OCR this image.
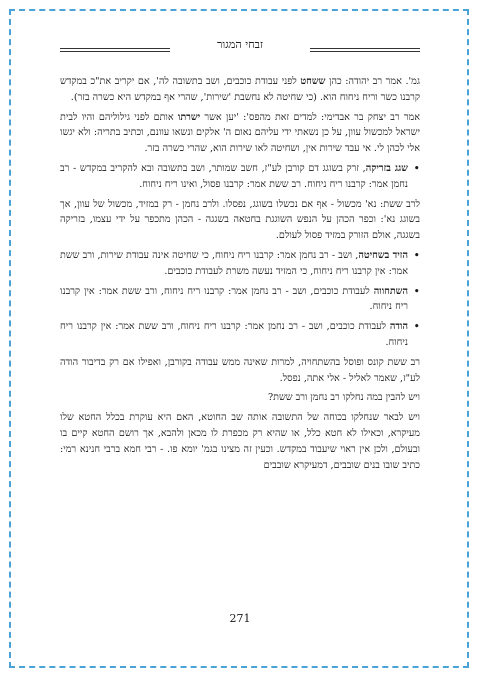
זבחי המגור

גמ'. אמר רב יהודה: כהן ששחט לפני עבודת כוכבים, ושב בתשובה לה', אם יקריב את"כ במקדש קרבנו כשר וריח ניחוח הוא. (כי שחיטה לא נחשבת 'שירות', שהרי אף במקדש היא כשרה בזר).

אמר רב יצחק בר אבדימי: למדים זאת מהפס': 'יען אשר ישרתו אותם לפני גילוליהם והיו לבית ישראל למכשול עוון, על כן נשאתי ידי עליהם נאום ה' אלקים ונשאו עוונם, וכתיב בתריה: ולא יגשו אלי לכהן לי. אי עבד שירות אין, ושחיטה לאו שירות הוא, שהרי כשרה בזר.

• שגג בזריקה, זרק בשוגג דם קורבן לע"ז, חשב שמותר, ושב בתשובה ובא להקריב במקדש - רב נחמן אמר: קרבנו ריח ניחוח. רב ששת אמר: קרבנו פסול, ואינו ריח ניחוח.

לרב ששת: נא' מכשול - אף אם נכשלו בשוגג, נפסלו. ולרב נחמן - רק במזיד, מכשול של עוון, אך בשוגג נא': וכפר הכהן על הנפש השוגגת בחטאה בשגגה - הכהן מתכפר על ידי עצמו, בזריקה בשגגה, אולם הזורק במזיד פסול לעולם.

• הזיד בשחיטה, ושב - רב נחמן אמר: קרבנו ריח ניחוח, כי שחיטה אינה עבודת שירות, ורב ששת אמר: אין קרבנו ריח ניחוח, כי המזיד נעשה משרת לעבודת כוכבים.
• השתחווה לעבודת כוכבים, ושב - רב נחמן אמר: קרבנו ריח ניחוח, ורב ששת אמר: אין קרבנו ריח ניחוח.
• הודה לעבודת כוכבים, ושב - רב נחמן אמר: קרבנו ריח ניחוח, ורב ששת אמר: אין קרבנו ריח ניחוח.

רב ששת קונס ופוסל בהשתחויה, למרות שאינה ממש עבודה בקורבן, ואפילו אם רק בדיבור הודה לע"ז, שאמר לאליל - אלי אתה, נפסל.

ויש להבין במה נחלקו רב נחמן ורב ששת?

ויש לבאר שנחלקו בכוחה של התשובה אותה שב החוטא, האם היא עוקרת בכלל החטא שלו מעיקרא, וכאילו לא חטא כלל, או שהיא רק מכפרת לו מכאן ולהבא, אך רושם החטא קיים בו ובעולם, ולכן אין ראוי שיעבוד במקדש. וכעין זה מצינו בגמ' יומא פו. - רבי חמא ברבי חנינא רמי: כתיב שובו בנים שובבים, דמעיקרא שובבים

271
